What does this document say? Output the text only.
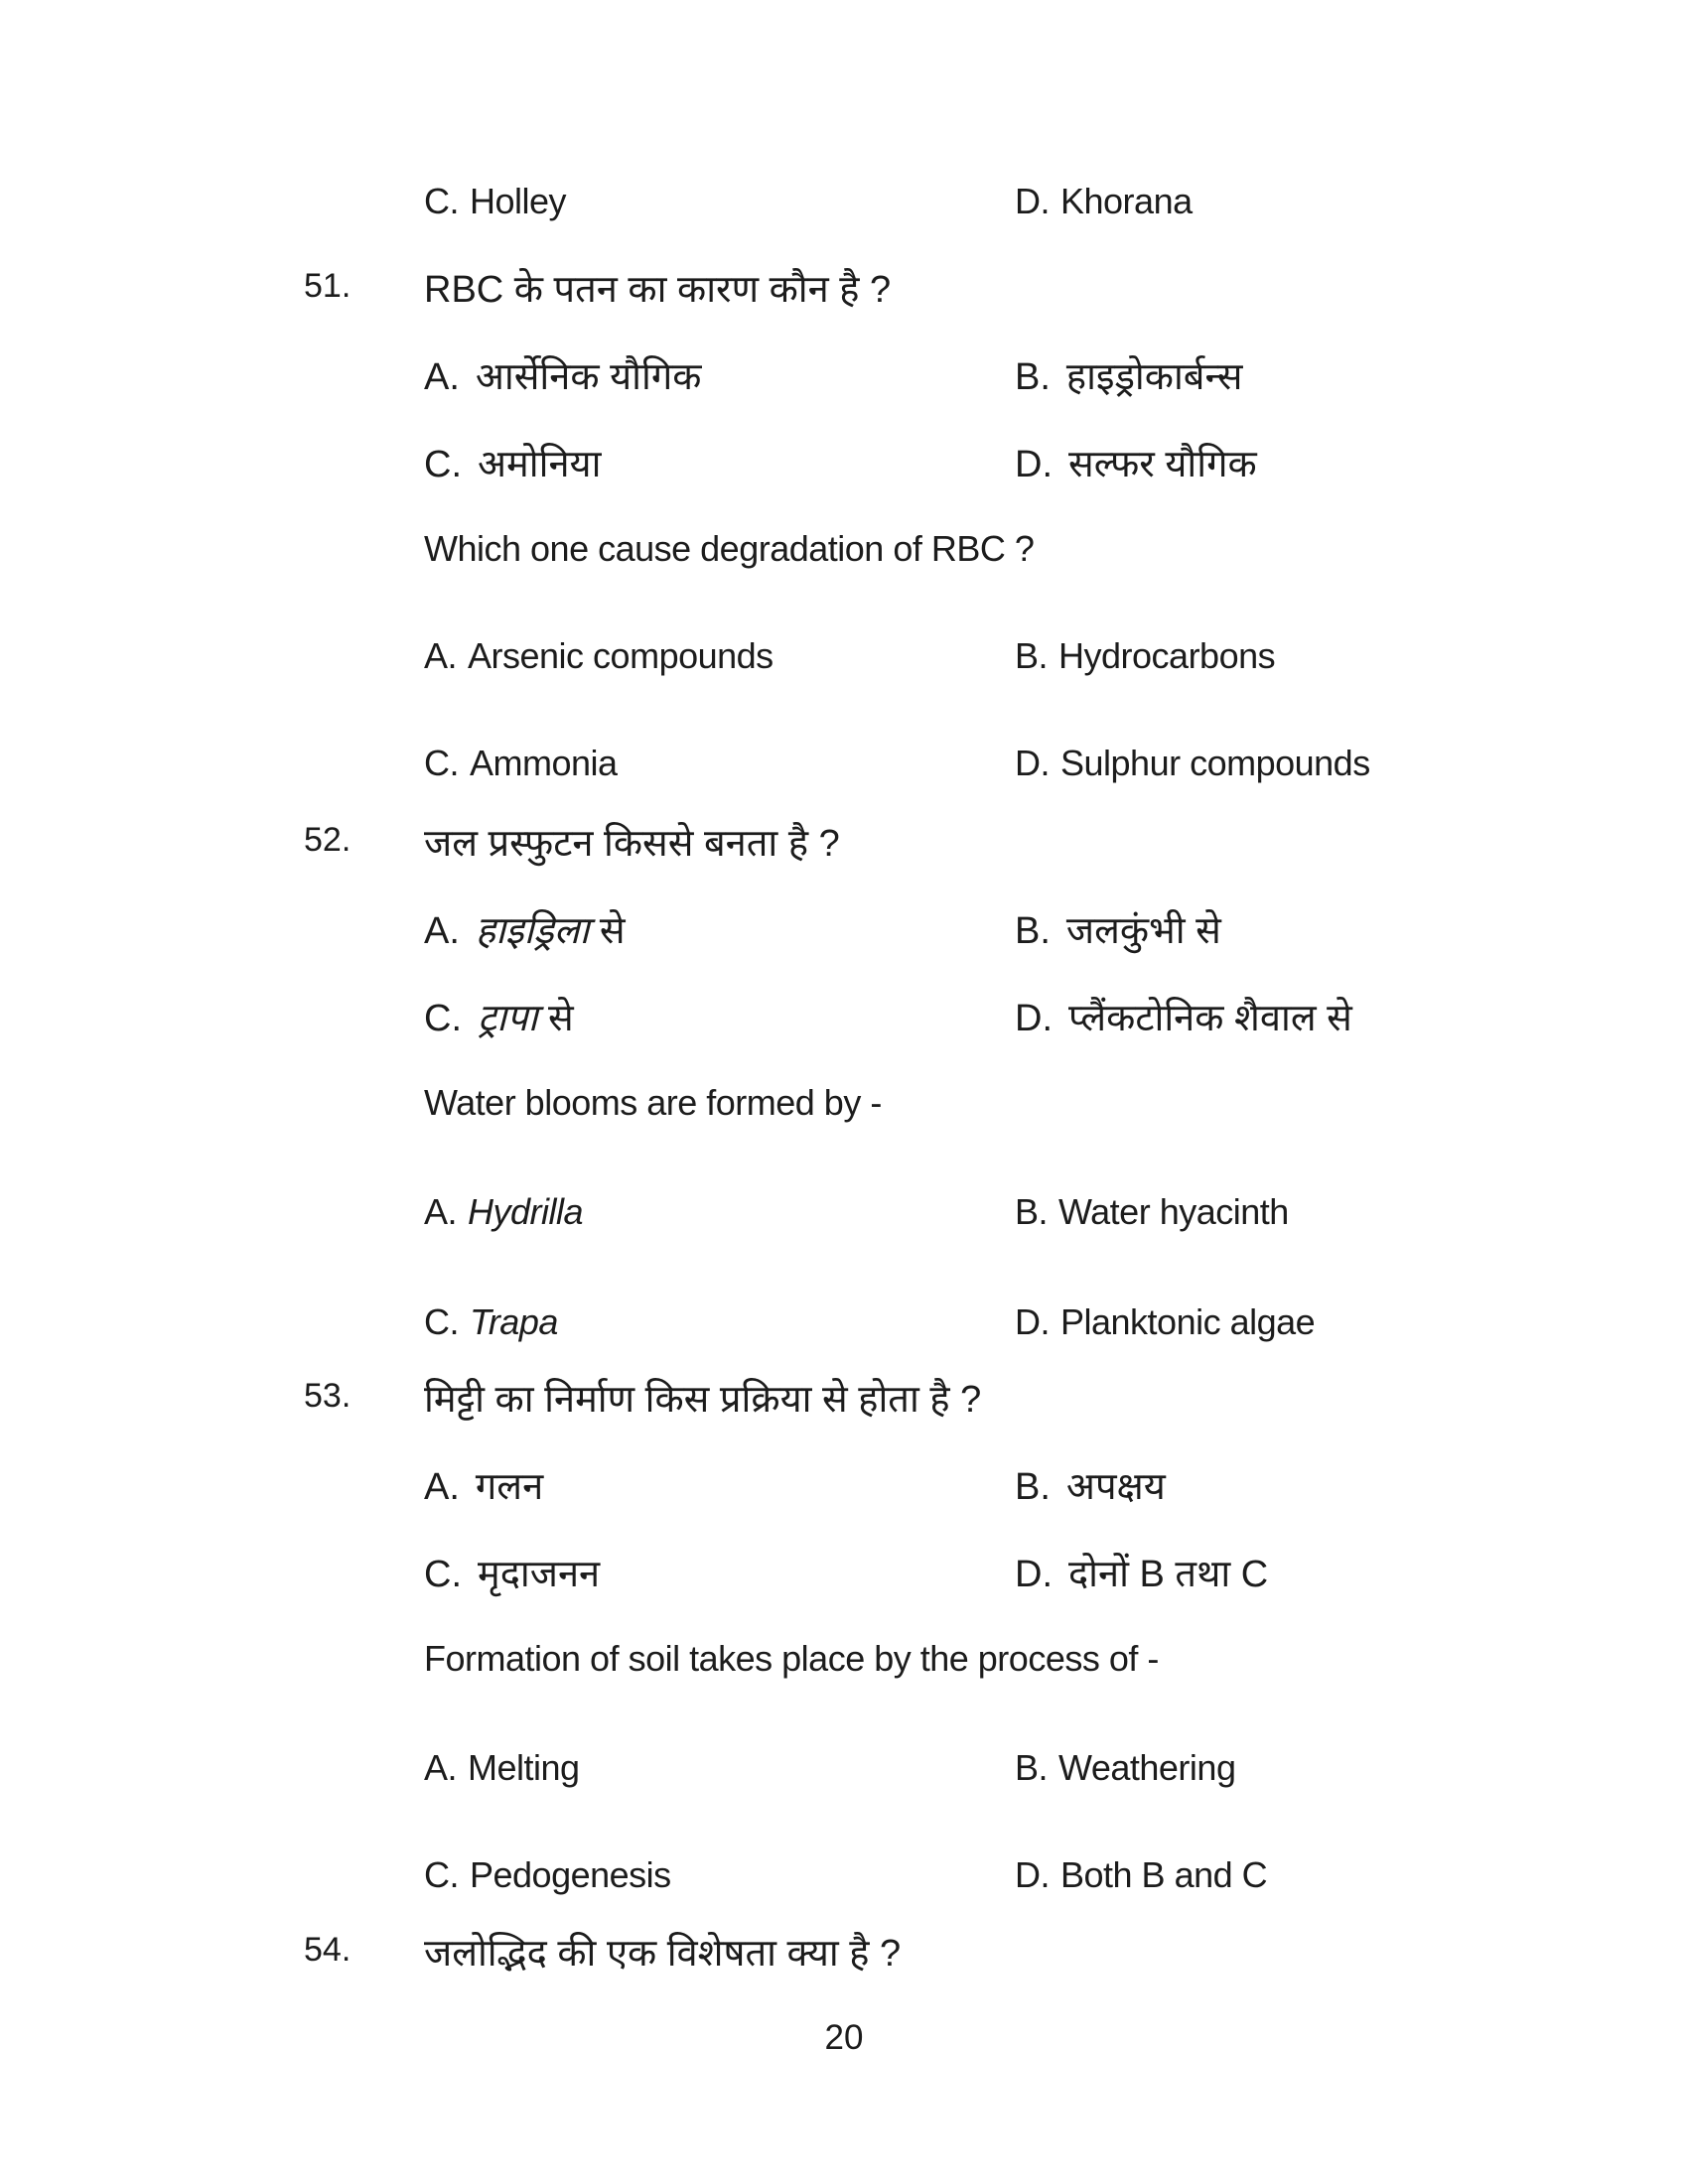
C. Holley	D. Khorana
51. RBC के पतन का कारण कौन है ?
A. आर्सेनिक यौगिक	B. हाइड्रोकार्बन्स
C. अमोनिया	D. सल्फर यौगिक
Which one cause degradation of RBC ?
A. Arsenic compounds	B. Hydrocarbons
C. Ammonia	D. Sulphur compounds
52. जल प्रस्फुटन किससे बनता है ?
A. हाइड्रिला से	B. जलकुंभी से
C. ट्रापा से	D. प्लैंकटोनिक शैवाल से
Water blooms are formed by -
A. Hydrilla	B. Water hyacinth
C. Trapa	D. Planktonic algae
53. मिट्टी का निर्माण किस प्रक्रिया से होता है ?
A. गलन	B. अपक्षय
C. मृदाजनन	D. दोनों B तथा C
Formation of soil takes place by the process of -
A. Melting	B. Weathering
C. Pedogenesis	D. Both B and C
54. जलोद्भिद की एक विशेषता क्या है ?
20
